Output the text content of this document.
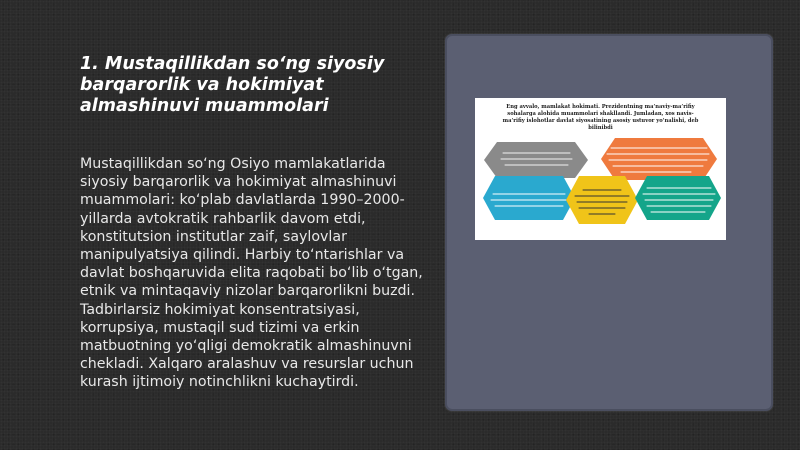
1. Mustaqillikdan so‘ng siyosiy barqarorlik va hokimiyat almashinuvi muammolari

Mustaqillikdan so‘ng Osiyo mamlakatlarida siyosiy barqarorlik va hokimiyat almashinuvi muammolari: ko‘plab davlatlarda 1990–2000-yillarda avtokratik rahbarlik davom etdi, konstitutsion institutlar zaif, saylovlar manipulyatsiya qilindi. Harbiy to‘ntarishlar va davlat boshqaruvida elita raqobati bo‘lib o‘tgan, etnik va mintaqaviy nizolar barqarorlikni buzdi. Tadbirlarsiz hokimiyat konsentratsiyasi, korrupsiya, mustaqil sud tizimi va erkin matbuotning yo‘qligi demokratik almashinuvni chekladi. Xalqaro aralashuv va resurslar uchun kurash ijtimoiy notinchlikni kuchaytirdi.

Eng avvalo, mamlakat hokimati. Prezidentning ma’naviy-ma’rifiy
sohalarga alohida muammolari shakllandi. Jumladan, xos navis-
ma’rifiy islohotlar davlat siyosatining asosiy ustuvor yo‘nalishi, deb
bilinibdi
